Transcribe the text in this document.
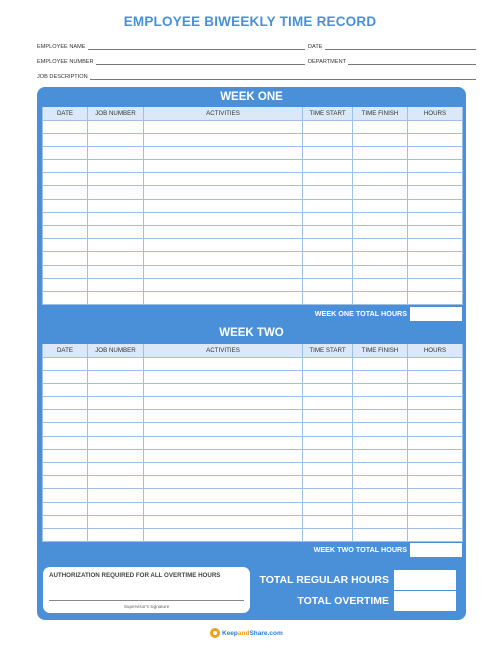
EMPLOYEE BIWEEKLY TIME RECORD
EMPLOYEE NAME	DATE
EMPLOYEE NUMBER	DEPARTMENT
JOB DESCRIPTION
WEEK ONE
DATE	JOB NUMBER	ACTIVITIES	TIME START	TIME FINISH	HOURS

WEEK ONE TOTAL HOURS
WEEK TWO
DATE	JOB NUMBER	ACTIVITIES	TIME START	TIME FINISH	HOURS

WEEK TWO TOTAL HOURS
AUTHORIZATION REQUIRED FOR ALL OVERTIME HOURS
Supervisor's signature
TOTAL REGULAR HOURS
TOTAL OVERTIME
KeepandShare.com
